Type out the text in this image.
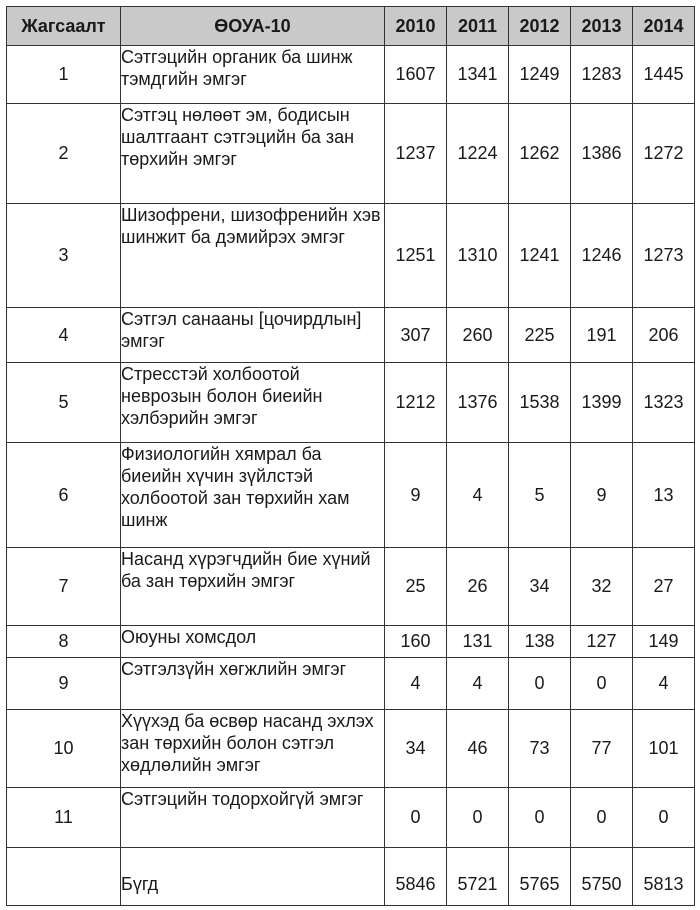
Жагсаалт	ӨОУА-10	2010	2011	2012	2013	2014
1	Сэтгэцийн органик ба шинж тэмдгийн эмгэг	1607	1341	1249	1283	1445
2	Сэтгэц нөлөөт эм, бодисын шалтгаант сэтгэцийн ба зан төрхийн эмгэг	1237	1224	1262	1386	1272
3	Шизофрени, шизофренийн хэв шинжит ба дэмийрэх эмгэг	1251	1310	1241	1246	1273
4	Сэтгэл санааны [цочирдлын] эмгэг	307	260	225	191	206
5	Стресстэй холбоотой неврозын болон биеийн хэлбэрийн эмгэг	1212	1376	1538	1399	1323
6	Физиологийн хямрал ба биеийн хүчин зүйлстэй холбоотой зан төрхийн хам шинж	9	4	5	9	13
7	Насанд хүрэгчдийн бие хүний ба зан төрхийн эмгэг	25	26	34	32	27
8	Оюуны хомсдол	160	131	138	127	149
9	Сэтгэлзүйн хөгжлийн эмгэг	4	4	0	0	4
10	Хүүхэд ба өсвөр насанд эхлэх зан төрхийн болон сэтгэл хөдлөлийн эмгэг	34	46	73	77	101
11	Сэтгэцийн тодорхойгүй эмгэг	0	0	0	0	0
	Бүгд	5846	5721	5765	5750	5813
